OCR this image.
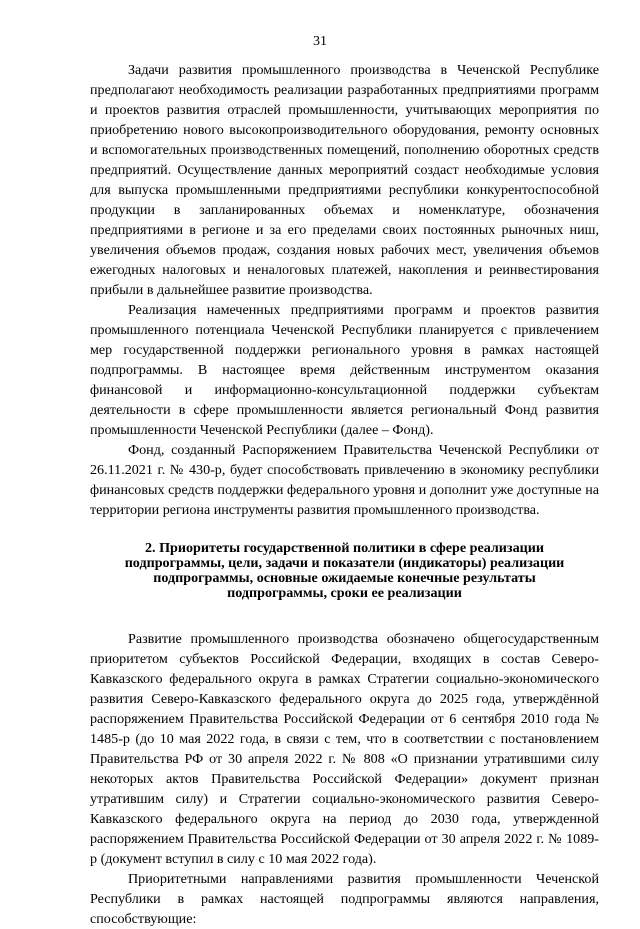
31

Задачи развития промышленного производства в Чеченской Республике предполагают необходимость реализации разработанных предприятиями программ и проектов развития отраслей промышленности, учитывающих мероприятия по приобретению нового высокопроизводительного оборудования, ремонту основных и вспомогательных производственных помещений, пополнению оборотных средств предприятий. Осуществление данных мероприятий создаст необходимые условия для выпуска промышленными предприятиями республики конкурентоспособной продукции в запланированных объемах и номенклатуре, обозначения предприятиями в регионе и за его пределами своих постоянных рыночных ниш, увеличения объемов продаж, создания новых рабочих мест, увеличения объемов ежегодных налоговых и неналоговых платежей, накопления и реинвестирования прибыли в дальнейшее развитие производства.

Реализация намеченных предприятиями программ и проектов развития промышленного потенциала Чеченской Республики планируется с привлечением мер государственной поддержки регионального уровня в рамках настоящей подпрограммы. В настоящее время действенным инструментом оказания финансовой и информационно-консультационной поддержки субъектам деятельности в сфере промышленности является региональный Фонд развития промышленности Чеченской Республики (далее – Фонд).

Фонд, созданный Распоряжением Правительства Чеченской Республики от 26.11.2021 г. № 430-р, будет способствовать привлечению в экономику республики финансовых средств поддержки федерального уровня и дополнит уже доступные на территории региона инструменты развития промышленного производства.

2. Приоритеты государственной политики в сфере реализации
подпрограммы, цели, задачи и показатели (индикаторы) реализации
подпрограммы, основные ожидаемые конечные результаты
подпрограммы, сроки ее реализации

Развитие промышленного производства обозначено общегосударственным приоритетом субъектов Российской Федерации, входящих в состав Северо-Кавказского федерального округа в рамках Стратегии социально-экономического развития Северо-Кавказского федерального округа до 2025 года, утверждённой распоряжением Правительства Российской Федерации от 6 сентября 2010 года № 1485-р (до 10 мая 2022 года, в связи с тем, что в соответствии с постановлением Правительства РФ от 30 апреля 2022 г. № 808 «О признании утратившими силу некоторых актов Правительства Российской Федерации» документ признан утратившим силу) и Стратегии социально-экономического развития Северо-Кавказского федерального округа на период до 2030 года, утвержденной распоряжением Правительства Российской Федерации от 30 апреля 2022 г. № 1089-р (документ вступил в силу с 10 мая 2022 года).

Приоритетными направлениями развития промышленности Чеченской Республики в рамках настоящей подпрограммы являются направления, способствующие:
